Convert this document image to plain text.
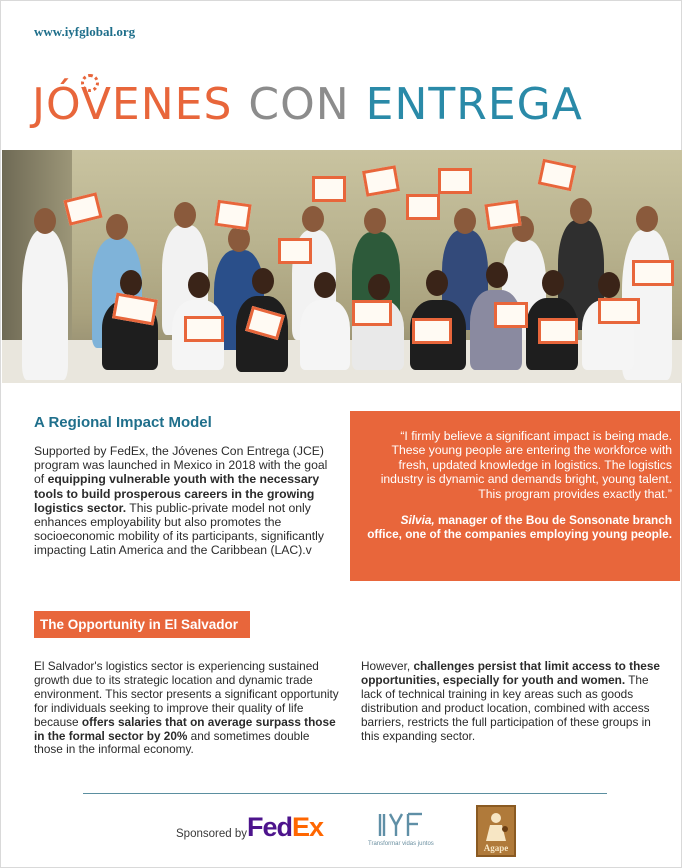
www.iyfglobal.org
JÓVENES CON ENTREGA
A Regional Impact Model

Supported by FedEx, the Jóvenes Con Entrega (JCE) program was launched in Mexico in 2018 with the goal of equipping vulnerable youth with the necessary tools to build prosperous careers in the growing logistics sector. This public-private model not only enhances employability but also promotes the socioeconomic mobility of its participants, significantly impacting Latin America and the Caribbean (LAC).v

“I firmly believe a significant impact is being made. These young people are entering the workforce with fresh, updated knowledge in logistics. The logistics industry is dynamic and demands bright, young talent. This program provides exactly that.”

Silvia, manager of the Bou de Sonsonate branch office, one of the companies employing young people.

The Opportunity in El Salvador

El Salvador's logistics sector is experiencing sustained growth due to its strategic location and dynamic trade environment. This sector presents a significant opportunity for individuals seeking to improve their quality of life because offers salaries that on average surpass those in the formal sector by 20% and sometimes double those in the informal economy.

However, challenges persist that limit access to these opportunities, especially for youth and women. The lack of technical training in key areas such as goods distribution and product location, combined with access barriers, restricts the full participation of these groups in this expanding sector.

Sponsored by FedEx
Transformar vidas juntos	Agape
